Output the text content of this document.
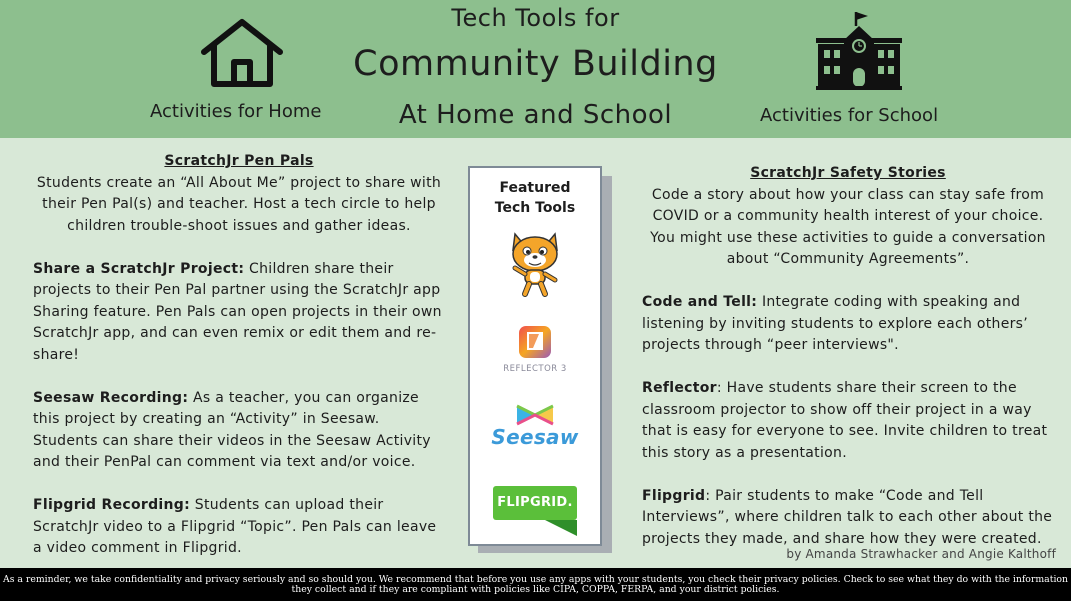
Activities for Home
Tech Tools for
Community Building
At Home and School	Activities for School

ScratchJr Pen Pals
Students create an “All About Me” project to share with their Pen Pal(s) and teacher. Host a tech circle to help children trouble-shoot issues and gather ideas.

Share a ScratchJr Project: Children share their projects to their Pen Pal partner using the ScratchJr app Sharing feature. Pen Pals can open projects in their own ScratchJr app, and can even remix or edit them and re-share!

Seesaw Recording: As a teacher, you can organize this project by creating an “Activity” in Seesaw. Students can share their videos in the Seesaw Activity and their PenPal can comment via text and/or voice.

Flipgrid Recording: Students can upload their ScratchJr video to a Flipgrid “Topic”. Pen Pals can leave a video comment in Flipgrid.

Featured
Tech Tools
REFLECTOR 3
Seesaw
FLIPGRID.

ScratchJr Safety Stories
Code a story about how your class can stay safe from COVID or a community health interest of your choice. You might use these activities to guide a conversation about “Community Agreements”.

Code and Tell: Integrate coding with speaking and listening by inviting students to explore each others’ projects through “peer interviews".

Reflector: Have students share their screen to the classroom projector to show off their project in a way that is easy for everyone to see. Invite children to treat this story as a presentation.

Flipgrid: Pair students to make “Code and Tell Interviews”, where children talk to each other about the projects they made, and share how they were created.

by Amanda Strawhacker and Angie Kalthoff
As a reminder, we take confidentiality and privacy seriously and so should you. We recommend that before you use any apps with your students, you check their privacy policies. Check to see what they do with the information they collect and if they are compliant with policies like CIPA, COPPA, FERPA, and your district policies.
